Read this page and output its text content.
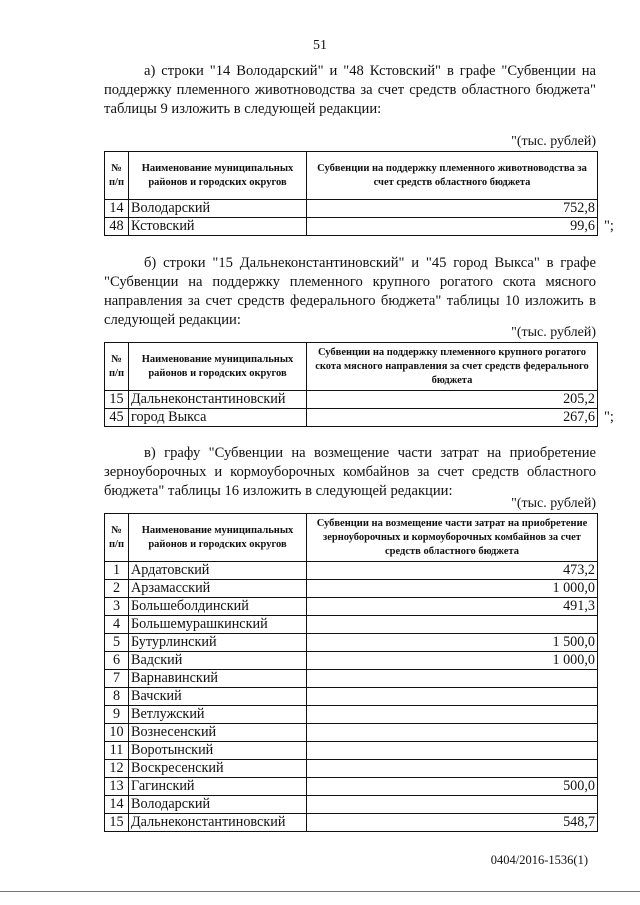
51
а) строки "14 Володарский" и "48 Кстовский" в графе "Субвенции на поддержку племенного животноводства за счет средств областного бюджета" таблицы 9 изложить в следующей редакции:
"(тыс. рублей)
№ п/п	Наименование муниципальных районов и городских округов	Субвенции на поддержку племенного животноводства за счет средств областного бюджета
14	Володарский	752,8
48	Кстовский	99,6 ";
б) строки "15 Дальнеконстантиновский" и "45 город Выкса" в графе "Субвенции на поддержку племенного крупного рогатого скота мясного направления за счет средств федерального бюджета" таблицы 10 изложить в следующей редакции:
"(тыс. рублей)
№ п/п	Наименование муниципальных районов и городских округов	Субвенции на поддержку племенного крупного рогатого скота мясного направления за счет средств федерального бюджета
15	Дальнеконстантиновский	205,2
45	город Выкса	267,6 ";
в) графу "Субвенции на возмещение части затрат на приобретение зерноуборочных и кормоуборочных комбайнов за счет средств областного бюджета" таблицы 16 изложить в следующей редакции:
"(тыс. рублей)
№ п/п	Наименование муниципальных районов и городских округов	Субвенции на возмещение части затрат на приобретение зерноуборочных и кормоуборочных комбайнов за счет средств областного бюджета
1	Ардатовский	473,2
2	Арзамасский	1 000,0
3	Большеболдинский	491,3
4	Большемурашкинский	
5	Бутурлинский	1 500,0
6	Вадский	1 000,0
7	Варнавинский	
8	Вачский	
9	Ветлужский	
10	Вознесенский	
11	Воротынский	
12	Воскресенский	
13	Гагинский	500,0
14	Володарский	
15	Дальнеконстантиновский	548,7
0404/2016-1536(1)
